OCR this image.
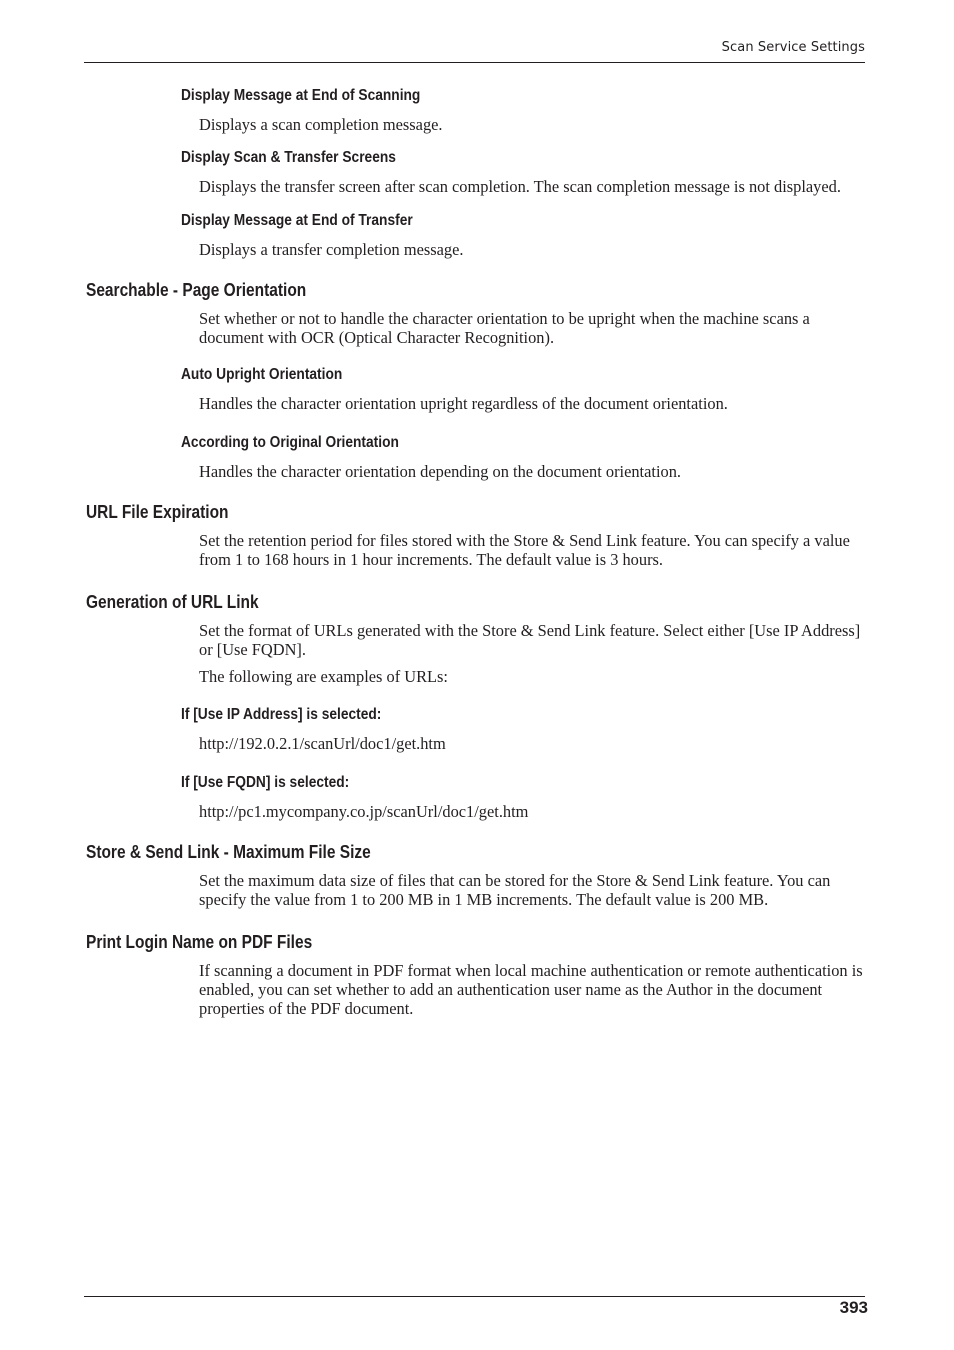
Scan Service Settings
Display Message at End of Scanning
Displays a scan completion message.
Display Scan & Transfer Screens
Displays the transfer screen after scan completion. The scan completion message is not displayed.
Display Message at End of Transfer
Displays a transfer completion message.
Searchable - Page Orientation
Set whether or not to handle the character orientation to be upright when the machine scans a document with OCR (Optical Character Recognition).
Auto Upright Orientation
Handles the character orientation upright regardless of the document orientation.
According to Original Orientation
Handles the character orientation depending on the document orientation.
URL File Expiration
Set the retention period for files stored with the Store & Send Link feature. You can specify a value from 1 to 168 hours in 1 hour increments. The default value is 3 hours.
Generation of URL Link
Set the format of URLs generated with the Store & Send Link feature. Select either [Use IP Address] or [Use FQDN].
The following are examples of URLs:
If [Use IP Address] is selected:
http://192.0.2.1/scanUrl/doc1/get.htm
If [Use FQDN] is selected:
http://pc1.mycompany.co.jp/scanUrl/doc1/get.htm
Store & Send Link - Maximum File Size
Set the maximum data size of files that can be stored for the Store & Send Link feature. You can specify the value from 1 to 200 MB in 1 MB increments. The default value is 200 MB.
Print Login Name on PDF Files
If scanning a document in PDF format when local machine authentication or remote authentication is enabled, you can set whether to add an authentication user name as the Author in the document properties of the PDF document.
393
